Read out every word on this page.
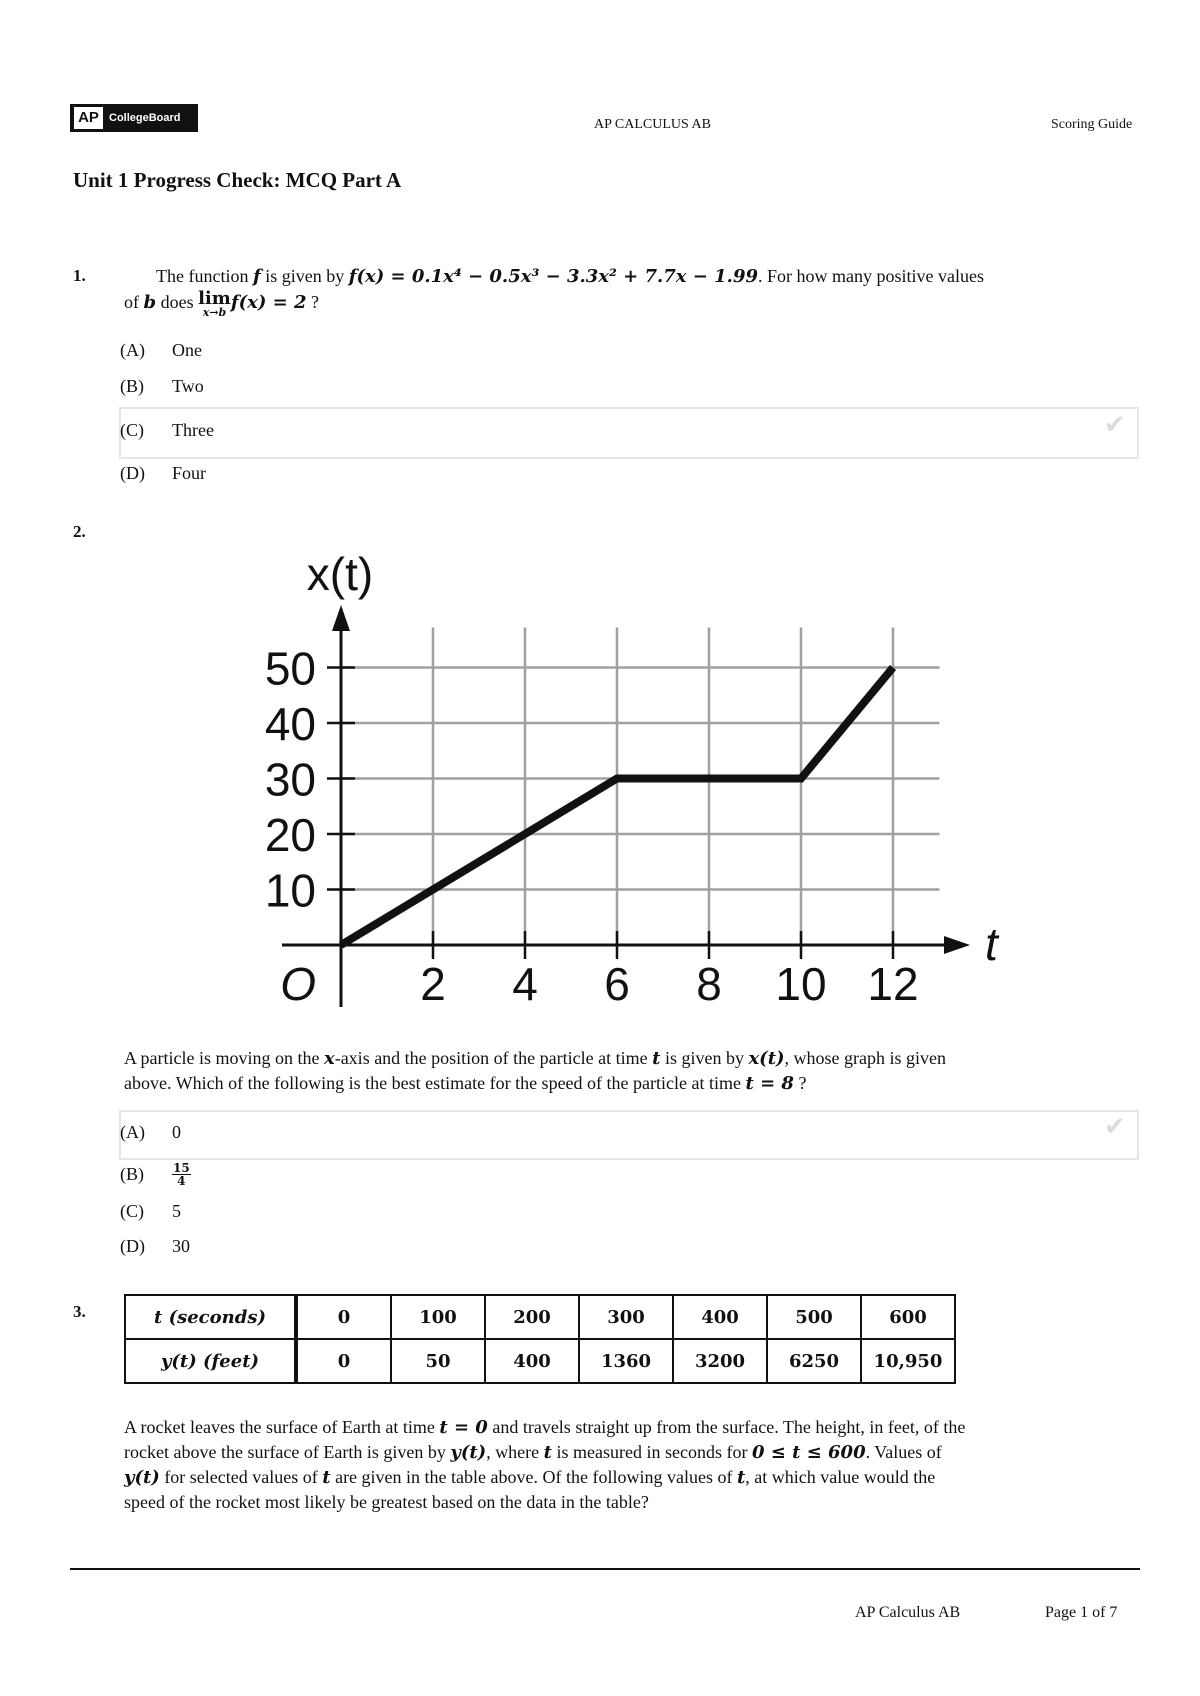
AP CollegeBoard	AP CALCULUS AB	Scoring Guide
Unit 1 Progress Check: MCQ Part A
1.	The function f is given by f(x) = 0.1x⁴ − 0.5x³ − 3.3x² + 7.7x − 1.99. For how many positive values
of b does lim
x→b f(x) = 2 ?
(A)	One
(B)	Two
(C)	Three	✔
(D)	Four
2.
2 4 6 8 10 12
10
20
30
40
50
O
t
x(t)
A particle is moving on the x-axis and the position of the particle at time t is given by x(t), whose graph is given
above. Which of the following is the best estimate for the speed of the particle at time t = 8 ?
(A)	0	✔
(B)	$\frac{15}{4}$
(C)	5
(D)	30
3.	t (seconds)	0	100	200	300	400	500	600
y(t) (feet)	0	50	400	1360	3200	6250	10,950
A rocket leaves the surface of Earth at time t = 0 and travels straight up from the surface. The height, in feet, of the
rocket above the surface of Earth is given by y(t), where t is measured in seconds for 0 ≤ t ≤ 600. Values of
y(t) for selected values of t are given in the table above. Of the following values of t, at which value would the
speed of the rocket most likely be greatest based on the data in the table?
AP Calculus AB	Page 1 of 7
